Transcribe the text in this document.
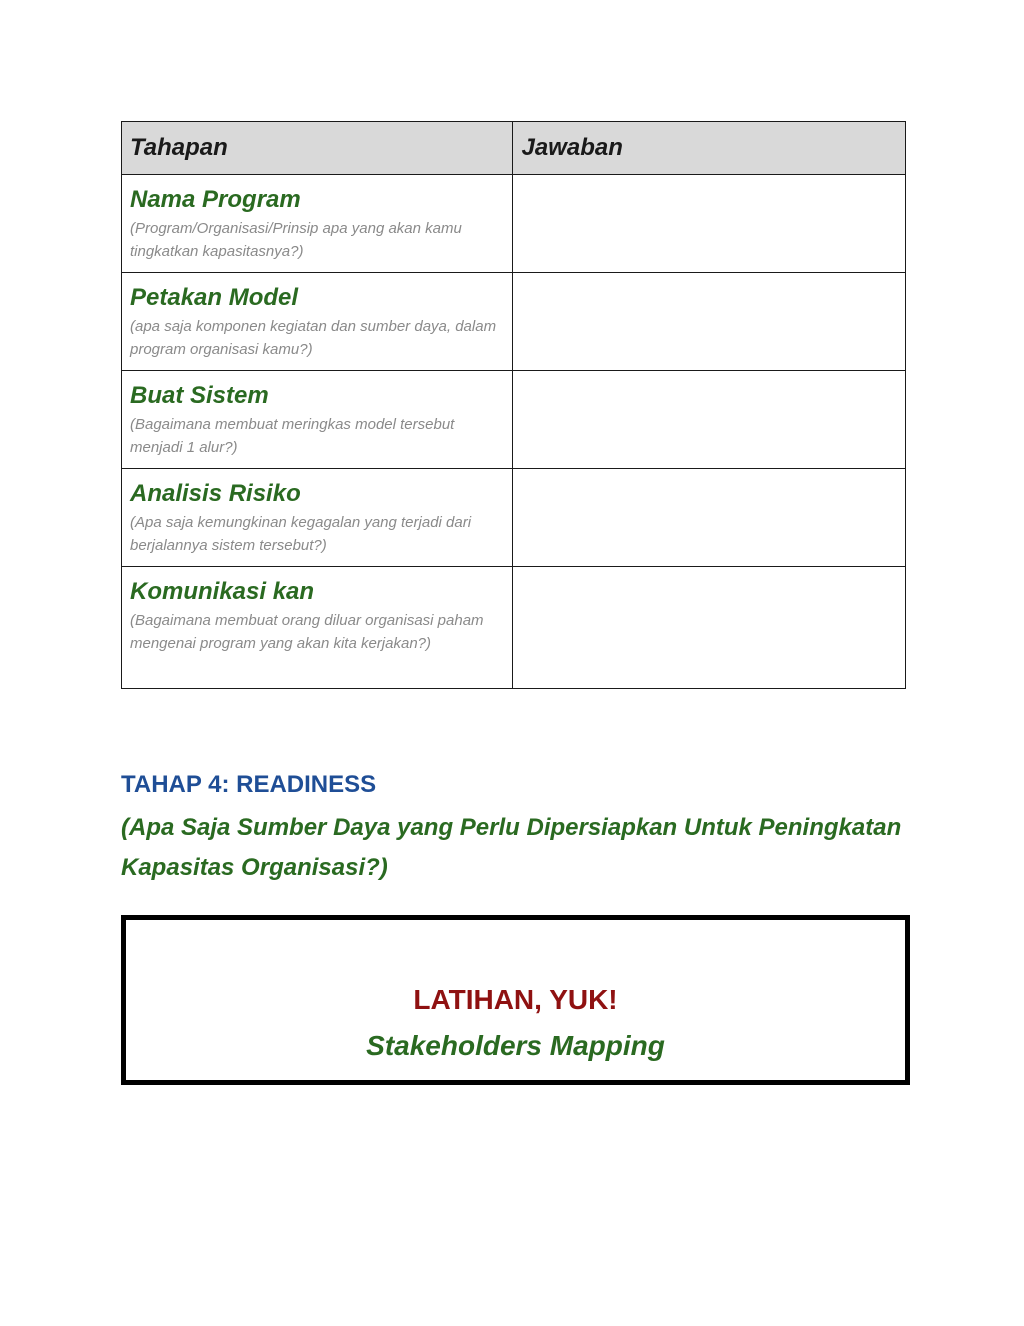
Tahapan	Jawaban

Nama Program
(Program/Organisasi/Prinsip apa yang akan kamu tingkatkan kapasitasnya?)	

Petakan Model
(apa saja komponen kegiatan dan sumber daya, dalam program organisasi kamu?)	

Buat Sistem
(Bagaimana membuat meringkas model tersebut menjadi 1 alur?)	

Analisis Risiko
(Apa saja kemungkinan kegagalan yang terjadi dari berjalannya sistem tersebut?)	

Komunikasi kan
(Bagaimana membuat orang diluar organisasi paham mengenai program yang akan kita kerjakan?)	

TAHAP 4: READINESS

(Apa Saja Sumber Daya yang Perlu Dipersiapkan Untuk Peningkatan Kapasitas Organisasi?)

LATIHAN, YUK!
Stakeholders Mapping
